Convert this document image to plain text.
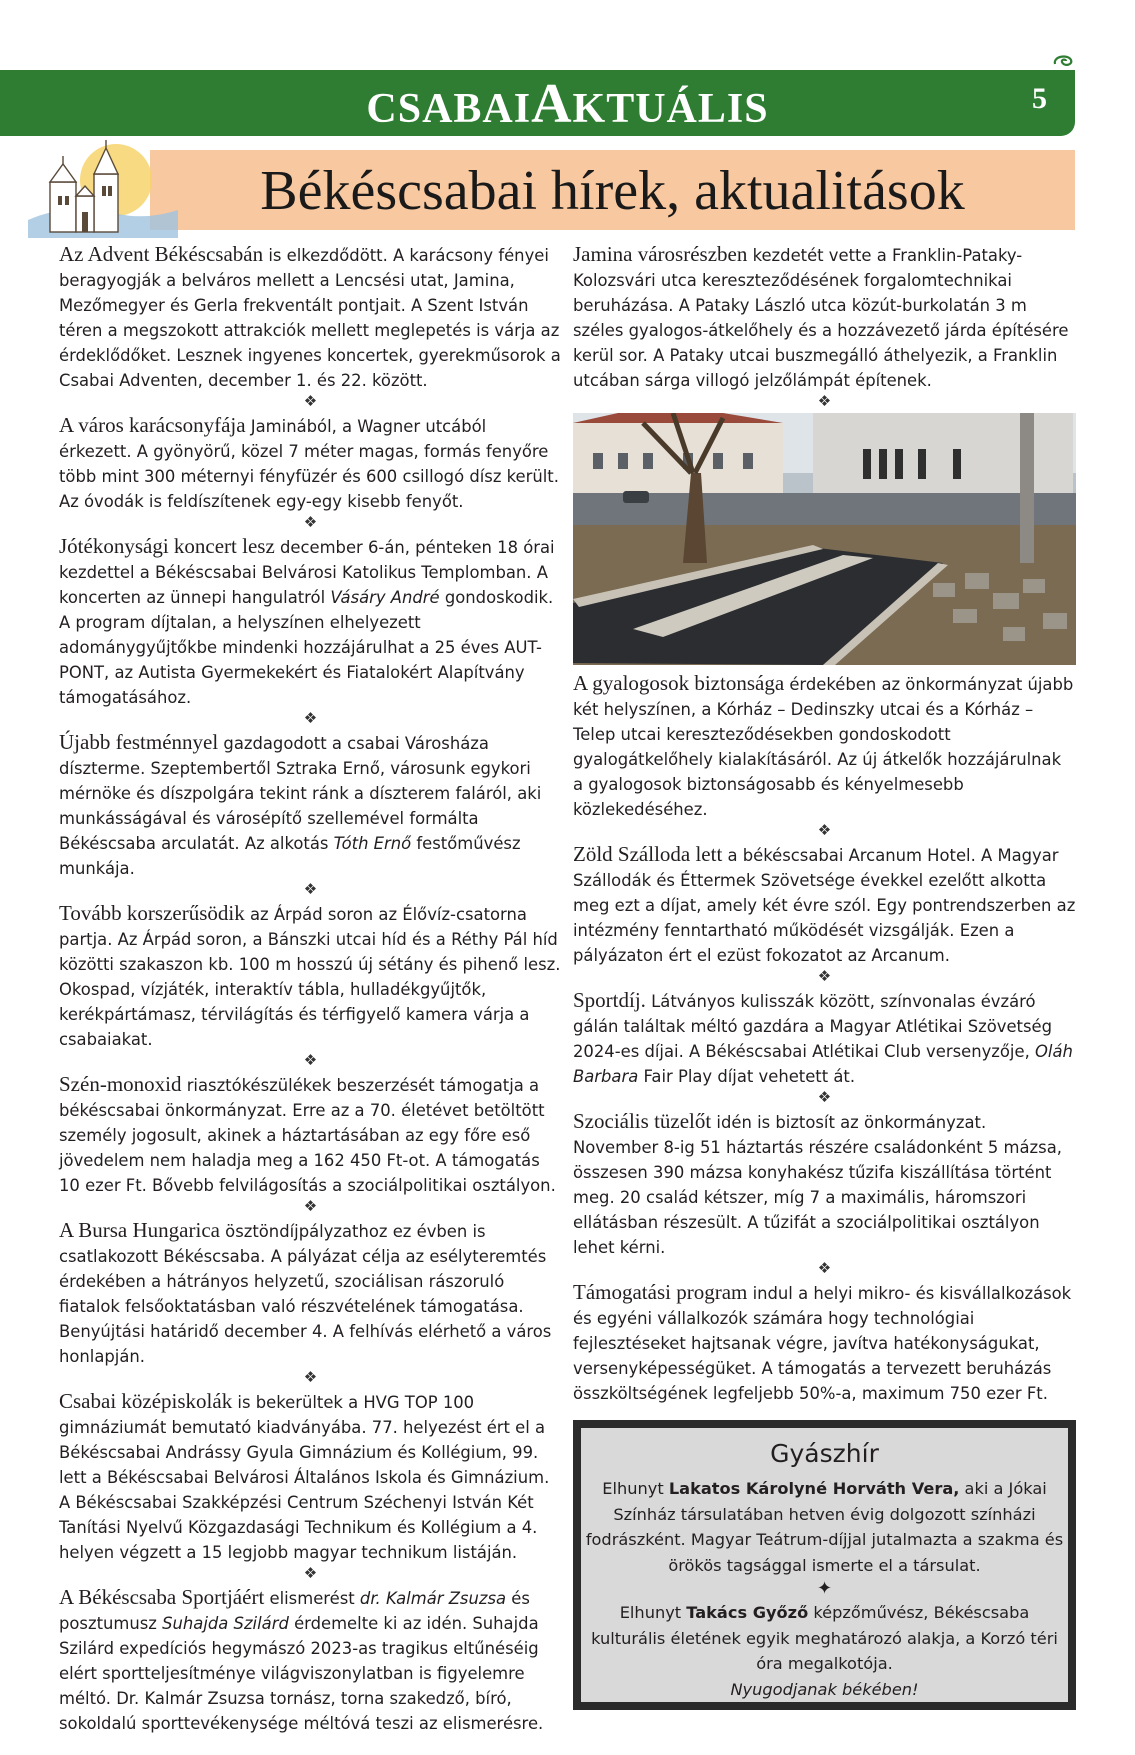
CSABAIAKTUÁLIS	5
Békéscsabai hírek, aktualitások

Az Advent Békéscsabán is elkezdődött. A karácsony fényei beragyogják a belváros mellett a Lencsési utat, Jamina, Mezőmegyer és Gerla frekventált pontjait. A Szent István téren a megszokott attrakciók mellett meglepetés is várja az érdeklődőket. Lesznek ingyenes koncertek, gyerekműsorok a Csabai Adventen, december 1. és 22. között.

❖

A város karácsonyfája Jaminából, a Wagner utcából érkezett. A gyönyörű, közel 7 méter magas, formás fenyőre több mint 300 méternyi fényfüzér és 600 csillogó dísz került. Az óvodák is feldíszítenek egy-egy kisebb fenyőt.

❖

Jótékonysági koncert lesz december 6-án, pénteken 18 órai kezdettel a Békéscsabai Belvárosi Katolikus Templomban. A koncerten az ünnepi hangulatról Vásáry André gondoskodik. A program díjtalan, a helyszínen elhelyezett adománygyűjtőkbe mindenki hozzájárulhat a 25 éves AUT-PONT, az Autista Gyermekekért és Fiatalokért Alapítvány támogatásához.

❖

Újabb festménnyel gazdagodott a csabai Városháza díszterme. Szeptembertől Sztraka Ernő, városunk egykori mérnöke és díszpolgára tekint ránk a díszterem faláról, aki munkásságával és városépítő szellemével formálta Békéscsaba arculatát. Az alkotás Tóth Ernő festőművész munkája.

❖

Tovább korszerűsödik az Árpád soron az Élővíz-csatorna partja. Az Árpád soron, a Bánszki utcai híd és a Réthy Pál híd közötti szakaszon kb. 100 m hosszú új sétány és pihenő lesz. Okospad, vízjáték, interaktív tábla, hulladékgyűjtők, kerékpártámasz, térvilágítás és térfigyelő kamera várja a csabaiakat.

❖

Szén-monoxid riasztókészülékek beszerzését támogatja a békéscsabai önkormányzat. Erre az a 70. életévet betöltött személy jogosult, akinek a háztartásában az egy főre eső jövedelem nem haladja meg a 162 450 Ft-ot. A támogatás 10 ezer Ft. Bővebb felvilágosítás a szociálpolitikai osztályon.

❖

A Bursa Hungarica ösztöndíjpályzathoz ez évben is csatlakozott Békéscsaba. A pályázat célja az esélyteremtés érdekében a hátrányos helyzetű, szociálisan rászoruló fiatalok felsőoktatásban való részvételének támogatása. Benyújtási határidő december 4. A felhívás elérhető a város honlapján.

❖

Csabai középiskolák is bekerültek a HVG TOP 100 gimnáziumát bemutató kiadványába. 77. helyezést ért el a Békéscsabai Andrássy Gyula Gimnázium és Kollégium, 99. lett a Békéscsabai Belvárosi Általános Iskola és Gimnázium. A Békéscsabai Szakképzési Centrum Széchenyi István Két Tanítási Nyelvű Közgazdasági Technikum és Kollégium a 4. helyen végzett a 15 legjobb magyar technikum listáján.

❖

A Békéscsaba Sportjáért elismerést dr. Kalmár Zsuzsa és posztumusz Suhajda Szilárd érdemelte ki az idén. Suhajda Szilárd expedíciós hegymászó 2023-as tragikus eltűnéséig elért sportteljesítménye világviszonylatban is figyelemre méltó. Dr. Kalmár Zsuzsa tornász, torna szakedző, bíró, sokoldalú sporttevékenysége méltóvá teszi az elismerésre.

Jamina városrészben kezdetét vette a Franklin-Pataky-Kolozsvári utca kereszteződésének forgalomtechnikai beruházása. A Pataky László utca közút-burkolatán 3 m széles gyalogos-átkelőhely és a hozzávezető járda építésére kerül sor. A Pataky utcai buszmegálló áthelyezik, a Franklin utcában sárga villogó jelzőlámpát építenek.

❖

A gyalogosok biztonsága érdekében az önkormányzat újabb két helyszínen, a Kórház – Dedinszky utcai és a Kórház – Telep utcai kereszteződésekben gondoskodott gyalogátkelőhely kialakításáról. Az új átkelők hozzájárulnak a gyalogosok biztonságosabb és kényelmesebb közlekedéséhez.

❖

Zöld Szálloda lett a békéscsabai Arcanum Hotel. A Magyar Szállodák és Éttermek Szövetsége évekkel ezelőtt alkotta meg ezt a díjat, amely két évre szól. Egy pontrendszerben az intézmény fenntartható működését vizsgálják. Ezen a pályázaton ért el ezüst fokozatot az Arcanum.

❖

Sportdíj. Látványos kulisszák között, színvonalas évzáró gálán találtak méltó gazdára a Magyar Atlétikai Szövetség 2024-es díjai. A Békéscsabai Atlétikai Club versenyzője, Oláh Barbara Fair Play díjat vehetett át.

❖

Szociális tüzelőt idén is biztosít az önkormányzat. November 8-ig 51 háztartás részére családonként 5 mázsa, összesen 390 mázsa konyhakész tűzifa kiszállítása történt meg. 20 család kétszer, míg 7 a maximális, háromszori ellátásban részesült. A tűzifát a szociálpolitikai osztályon lehet kérni.

❖

Támogatási program indul a helyi mikro- és kisvállalkozások és egyéni vállalkozók számára hogy technológiai fejlesztéseket hajtsanak végre, javítva hatékonyságukat, versenyképességüket. A támogatás a tervezett beruházás összköltségének legfeljebb 50%-a, maximum 750 ezer Ft.

Gyászhír

Elhunyt Lakatos Károlyné Horváth Vera, aki a Jókai Színház társulatában hetven évig dolgozott színházi fodrászként. Magyar Teátrum-díjjal jutalmazta a szakma és örökös tagsággal ismerte el a társulat.

✦

Elhunyt Takács Győző képzőművész, Békéscsaba kulturális életének egyik meghatározó alakja, a Korzó téri óra megalkotója.

Nyugodjanak békében!
